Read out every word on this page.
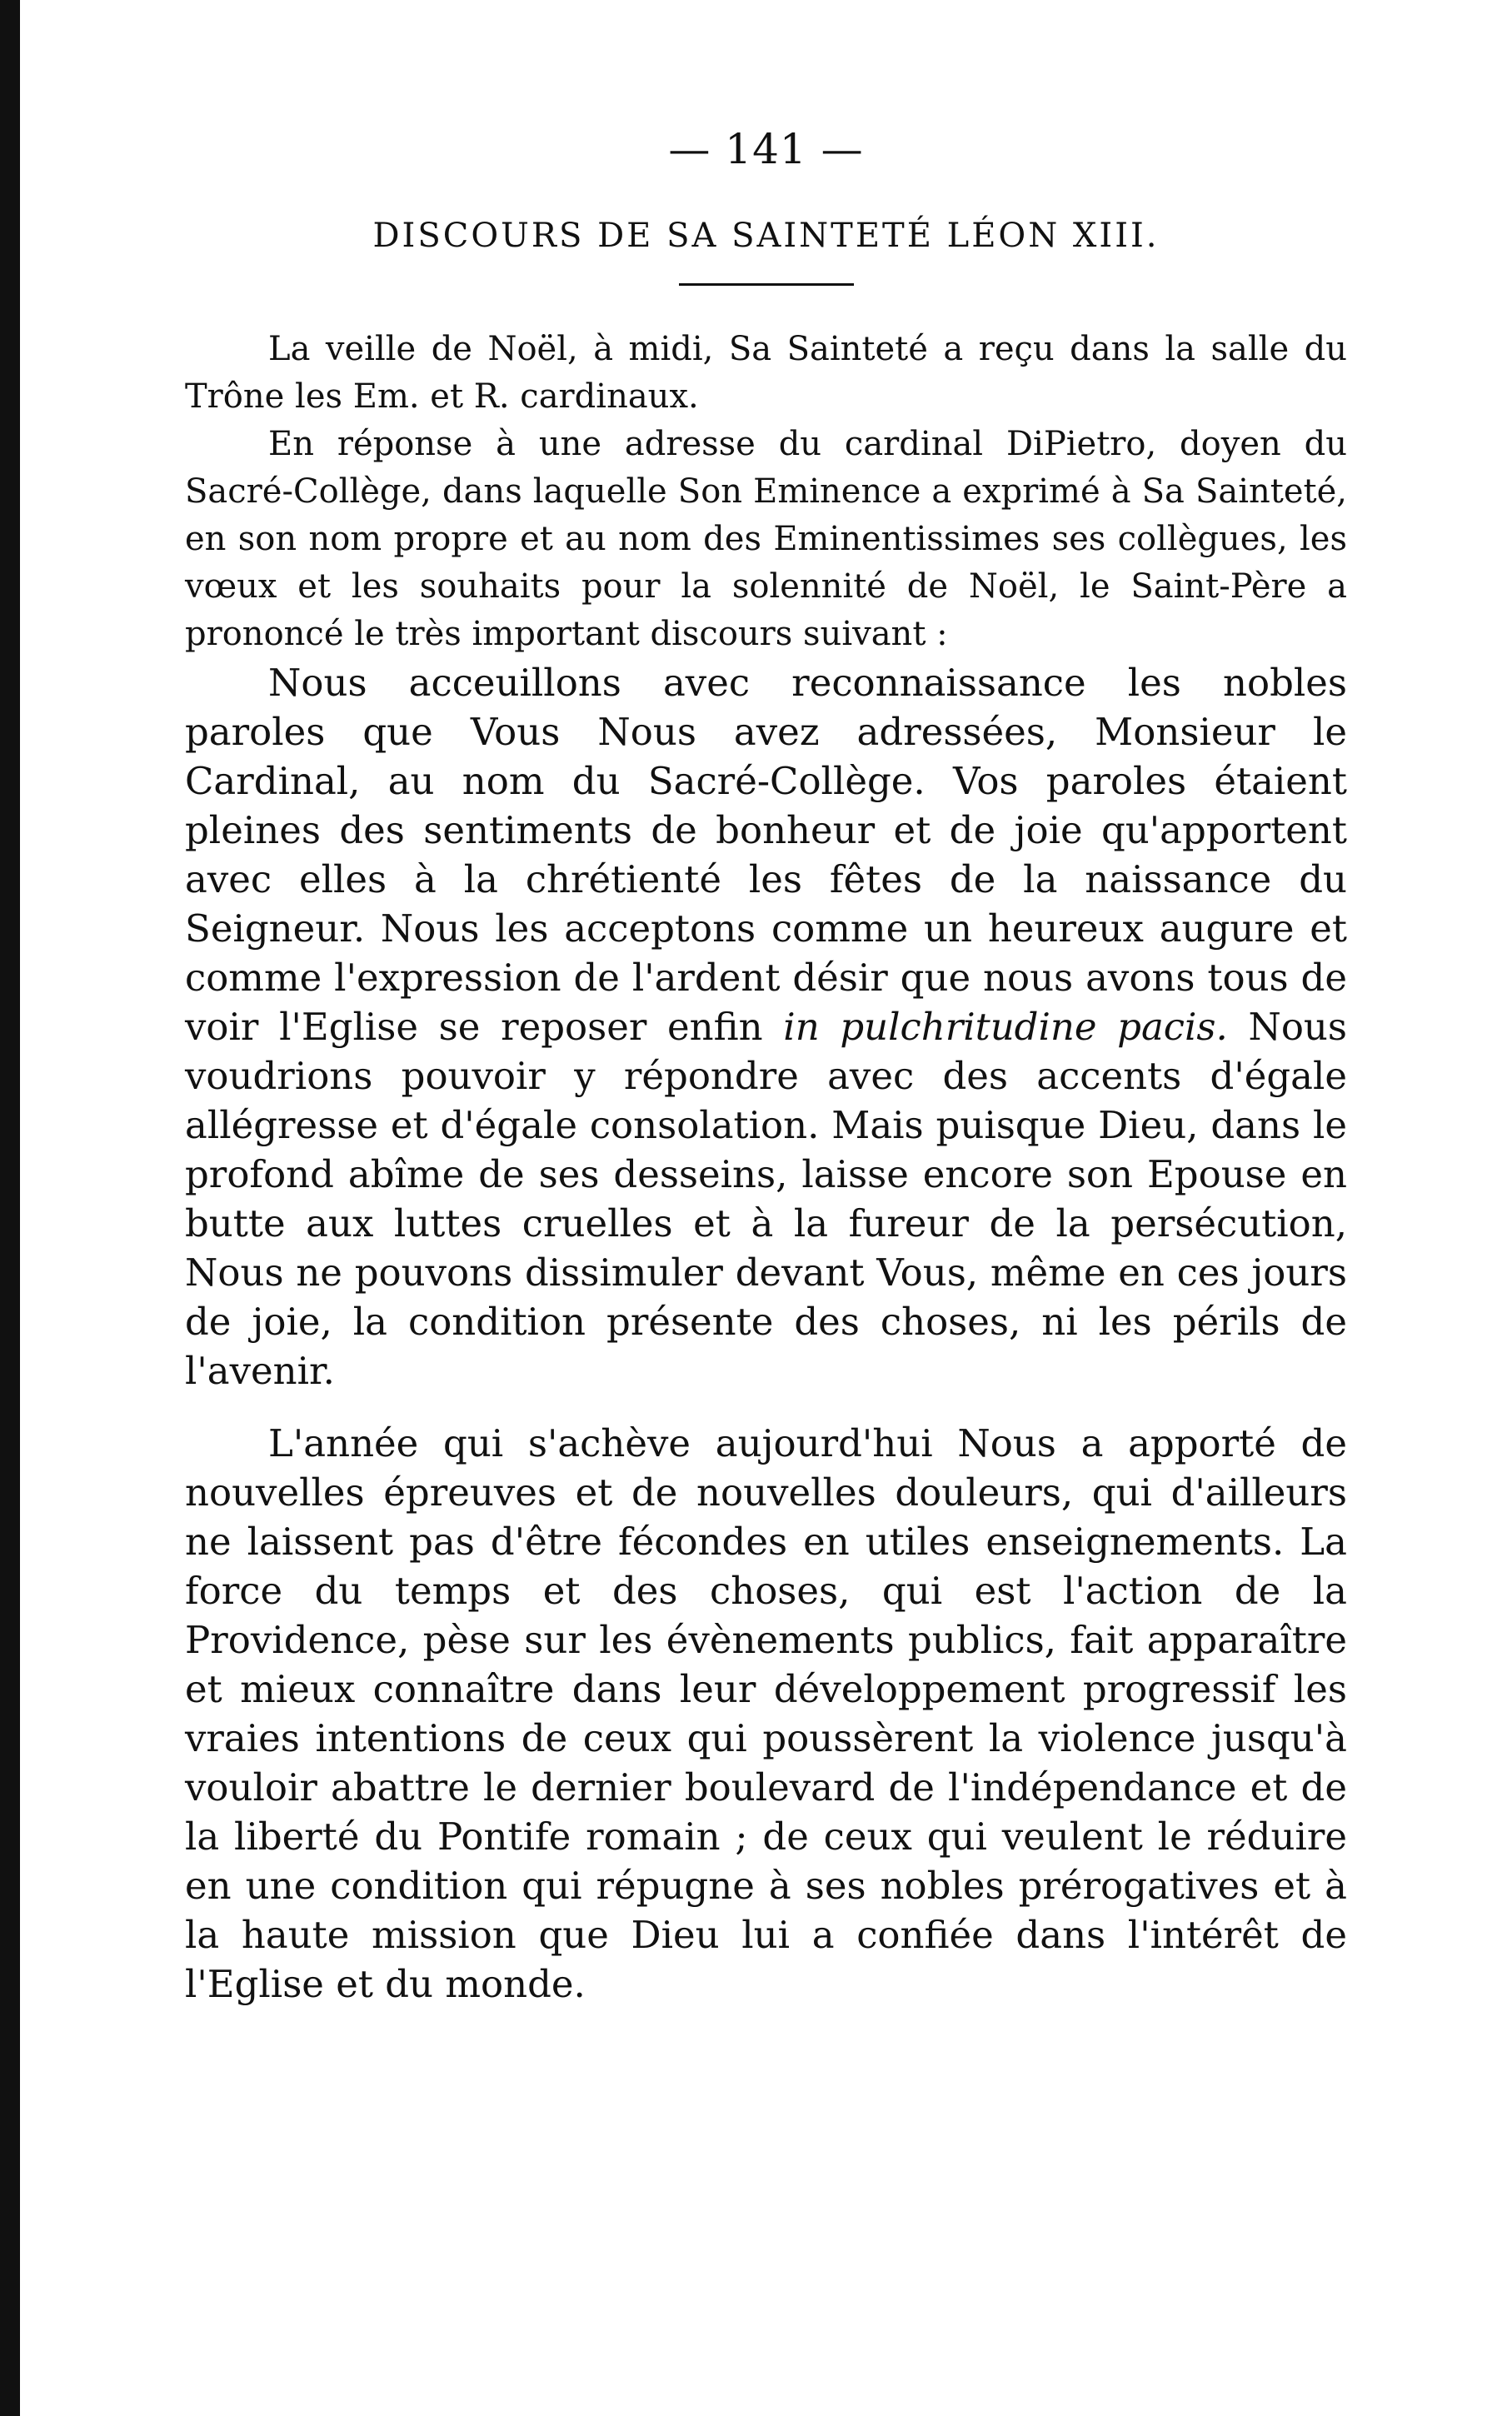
— 141 —
DISCOURS DE SA SAINTETÉ LÉON XIII.

La veille de Noël, à midi, Sa Sainteté a reçu dans la salle du Trône les Em. et R. cardinaux.

En réponse à une adresse du cardinal DiPietro, doyen du Sacré-Collège, dans laquelle Son Eminence a exprimé à Sa Sainteté, en son nom propre et au nom des Eminentissimes ses collègues, les vœux et les souhaits pour la solennité de Noël, le Saint-Père a prononcé le très important discours suivant :

Nous acceuillons avec reconnaissance les nobles paroles que Vous Nous avez adressées, Monsieur le Cardinal, au nom du Sacré-Collège. Vos paroles étaient pleines des sentiments de bonheur et de joie qu'apportent avec elles à la chrétienté les fêtes de la naissance du Seigneur. Nous les acceptons comme un heureux augure et comme l'expression de l'ardent désir que nous avons tous de voir l'Eglise se reposer enfin in pulchritudine pacis. Nous voudrions pouvoir y répondre avec des accents d'égale allégresse et d'égale consolation. Mais puisque Dieu, dans le profond abîme de ses desseins, laisse encore son Epouse en butte aux luttes cruelles et à la fureur de la persécution, Nous ne pouvons dissimuler devant Vous, même en ces jours de joie, la condition présente des choses, ni les périls de l'avenir.

L'année qui s'achève aujourd'hui Nous a apporté de nouvelles épreuves et de nouvelles douleurs, qui d'ailleurs ne laissent pas d'être fécondes en utiles enseignements. La force du temps et des choses, qui est l'action de la Providence, pèse sur les évènements publics, fait apparaître et mieux connaître dans leur développement progressif les vraies intentions de ceux qui poussèrent la violence jusqu'à vouloir abattre le dernier boulevard de l'indépendance et de la liberté du Pontife romain ; de ceux qui veulent le réduire en une condition qui répugne à ses nobles prérogatives et à la haute mission que Dieu lui a confiée dans l'intérêt de l'Eglise et du monde.
